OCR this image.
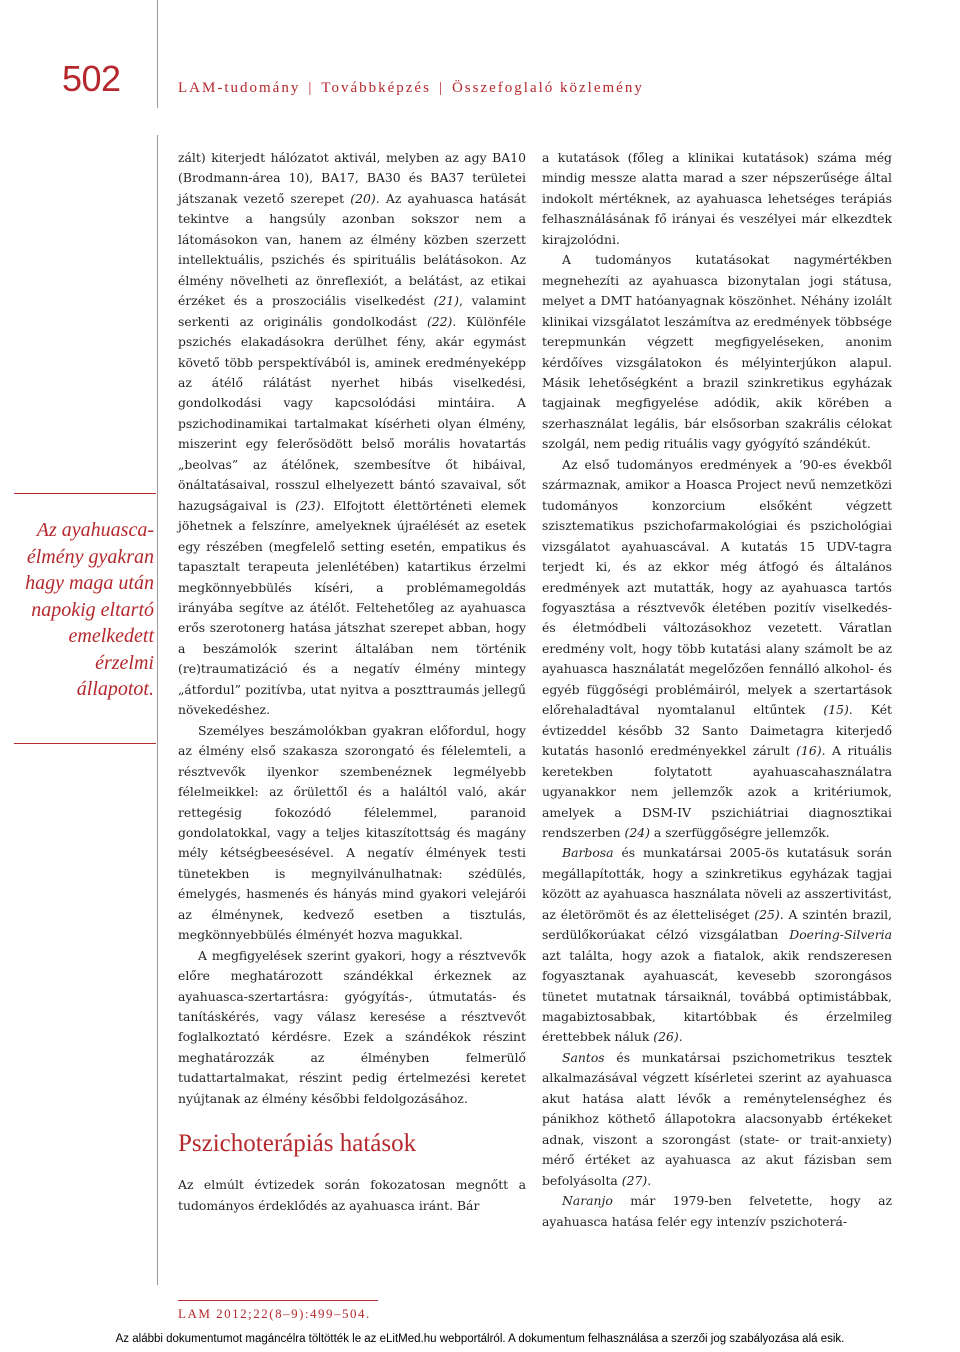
502	LAM-tudomány | Továbbképzés | Összefoglaló közlemény
Az ayahuascaélmény gyakran hagy maga után napokig eltartó emelkedett érzelmi állapotot.

zált) kiterjedt hálózatot aktivál, melyben az agy BA10 (Brodmann-área 10), BA17, BA30 és BA37 területei játszanak vezető szerepet (20). Az ayahuasca hatását tekintve a hangsúly azonban sokszor nem a látomásokon van, hanem az élmény közben szerzett intellektuális, pszichés és spirituális belátásokon. Az élmény növelheti az önreflexiót, a belátást, az etikai érzéket és a proszociális viselkedést (21), valamint serkenti az originális gondolkodást (22). Különféle pszichés elakadásokra derülhet fény, akár egymást követő több perspektívából is, aminek eredményeképp az átélő rálátást nyerhet hibás viselkedési, gondolkodási vagy kapcsolódási mintáira. A pszichodinamikai tartalmakat kísérheti olyan élmény, miszerint egy felerősödött belső morális hovatartás „beolvas” az átélőnek, szembesítve őt hibáival, önáltatásaival, rosszul elhelyezett bántó szavaival, sőt hazugságaival is (23). Elfojtott élettörténeti elemek jöhetnek a felszínre, amelyeknek újraélését az esetek egy részében (megfelelő setting esetén, empatikus és tapasztalt terapeuta jelenlétében) katartikus érzelmi megkönnyebbülés kíséri, a problémamegoldás irányába segítve az átélőt. Feltehetőleg az ayahuasca erős szerotonerg hatása játszhat szerepet abban, hogy a beszámolók szerint általában nem történik (re)traumatizáció és a negatív élmény mintegy „átfordul” pozitívba, utat nyitva a poszttraumás jellegű növekedéshez.

Személyes beszámolókban gyakran előfordul, hogy az élmény első szakasza szorongató és félelemteli, a résztvevők ilyenkor szembenéznek legmélyebb félelmeikkel: az őrülettől és a haláltól való, akár rettegésig fokozódó félelemmel, paranoid gondolatokkal, vagy a teljes kitaszítottság és magány mély kétségbeesésével. A negatív élmények testi tünetekben is megnyilvánulhatnak: szédülés, émelygés, hasmenés és hányás mind gyakori velejárói az élménynek, kedvező esetben a tisztulás, megkönnyebbülés élményét hozva magukkal.

A megfigyelések szerint gyakori, hogy a résztvevők előre meghatározott szándékkal érkeznek az ayahuasca-szertartásra: gyógyítás-, útmutatás- és tanításkérés, vagy válasz keresése a résztvevőt foglalkoztató kérdésre. Ezek a szándékok részint meghatározzák az élményben felmerülő tudattartalmakat, részint pedig értelmezési keretet nyújtanak az élmény későbbi feldolgozásához.

Pszichoterápiás hatások

Az elmúlt évtizedek során fokozatosan megnőtt a tudományos érdeklődés az ayahuasca iránt. Bár

a kutatások (főleg a klinikai kutatások) száma még mindig messze alatta marad a szer népszerűsége által indokolt mértéknek, az ayahuasca lehetséges terápiás felhasználásának fő irányai és veszélyei már elkezdtek kirajzolódni.

A tudományos kutatásokat nagymértékben megnehezíti az ayahuasca bizonytalan jogi státusa, melyet a DMT hatóanyagnak köszönhet. Néhány izolált klinikai vizsgálatot leszámítva az eredmények többsége terepmunkán végzett megfigyeléseken, anonim kérdőíves vizsgálatokon és mélyinterjúkon alapul. Másik lehetőségként a brazil szinkretikus egyházak tagjainak megfigyelése adódik, akik körében a szerhasználat legális, bár elsősorban szakrális célokat szolgál, nem pedig rituális vagy gyógyító szándékút.

Az első tudományos eredmények a ’90-es évekből származnak, amikor a Hoasca Project nevű nemzetközi tudományos konzorcium elsőként végzett szisztematikus pszichofarmakológiai és pszichológiai vizsgálatot ayahuascával. A kutatás 15 UDV-tagra terjedt ki, és az ekkor még átfogó és általános eredmények azt mutatták, hogy az ayahuasca tartós fogyasztása a résztvevők életében pozitív viselkedés- és életmódbeli változásokhoz vezetett. Váratlan eredmény volt, hogy több kutatási alany számolt be az ayahuasca használatát megelőzően fennálló alkohol- és egyéb függőségi problémáiról, melyek a szertartások előrehaladtával nyomtalanul eltűntek (15). Két évtizeddel később 32 Santo Daimetagra kiterjedő kutatás hasonló eredményekkel zárult (16). A rituális keretekben folytatott ayahuascahasználatra ugyanakkor nem jellemzők azok a kritériumok, amelyek a DSM-IV pszichiátriai diagnosztikai rendszerben (24) a szerfüggőségre jellemzők.

Barbosa és munkatársai 2005-ös kutatásuk során megállapították, hogy a szinkretikus egyházak tagjai között az ayahuasca használata növeli az asszertivitást, az életörömöt és az életteliséget (25). A szintén brazil, serdülőkorúakat célzó vizsgálatban Doering-Silveria azt találta, hogy azok a fiatalok, akik rendszeresen fogyasztanak ayahuascát, kevesebb szorongásos tünetet mutatnak társaiknál, továbbá optimistábbak, magabiztosabbak, kitartóbbak és érzelmileg érettebbek náluk (26).

Santos és munkatársai pszichometrikus tesztek alkalmazásával végzett kísérletei szerint az ayahuasca akut hatása alatt lévők a reménytelenséghez és pánikhoz köthető állapotokra alacsonyabb értékeket adnak, viszont a szorongást (state- or trait-anxiety) mérő értéket az ayahuasca az akut fázisban sem befolyásolta (27).

Naranjo már 1979-ben felvetette, hogy az ayahuasca hatása felér egy intenzív pszichoterá-

LAM 2012;22(8–9):499–504.
Az alábbi dokumentumot magáncélra töltötték le az eLitMed.hu webportálról. A dokumentum felhasználása a szerzői jog szabályozása alá esik.
